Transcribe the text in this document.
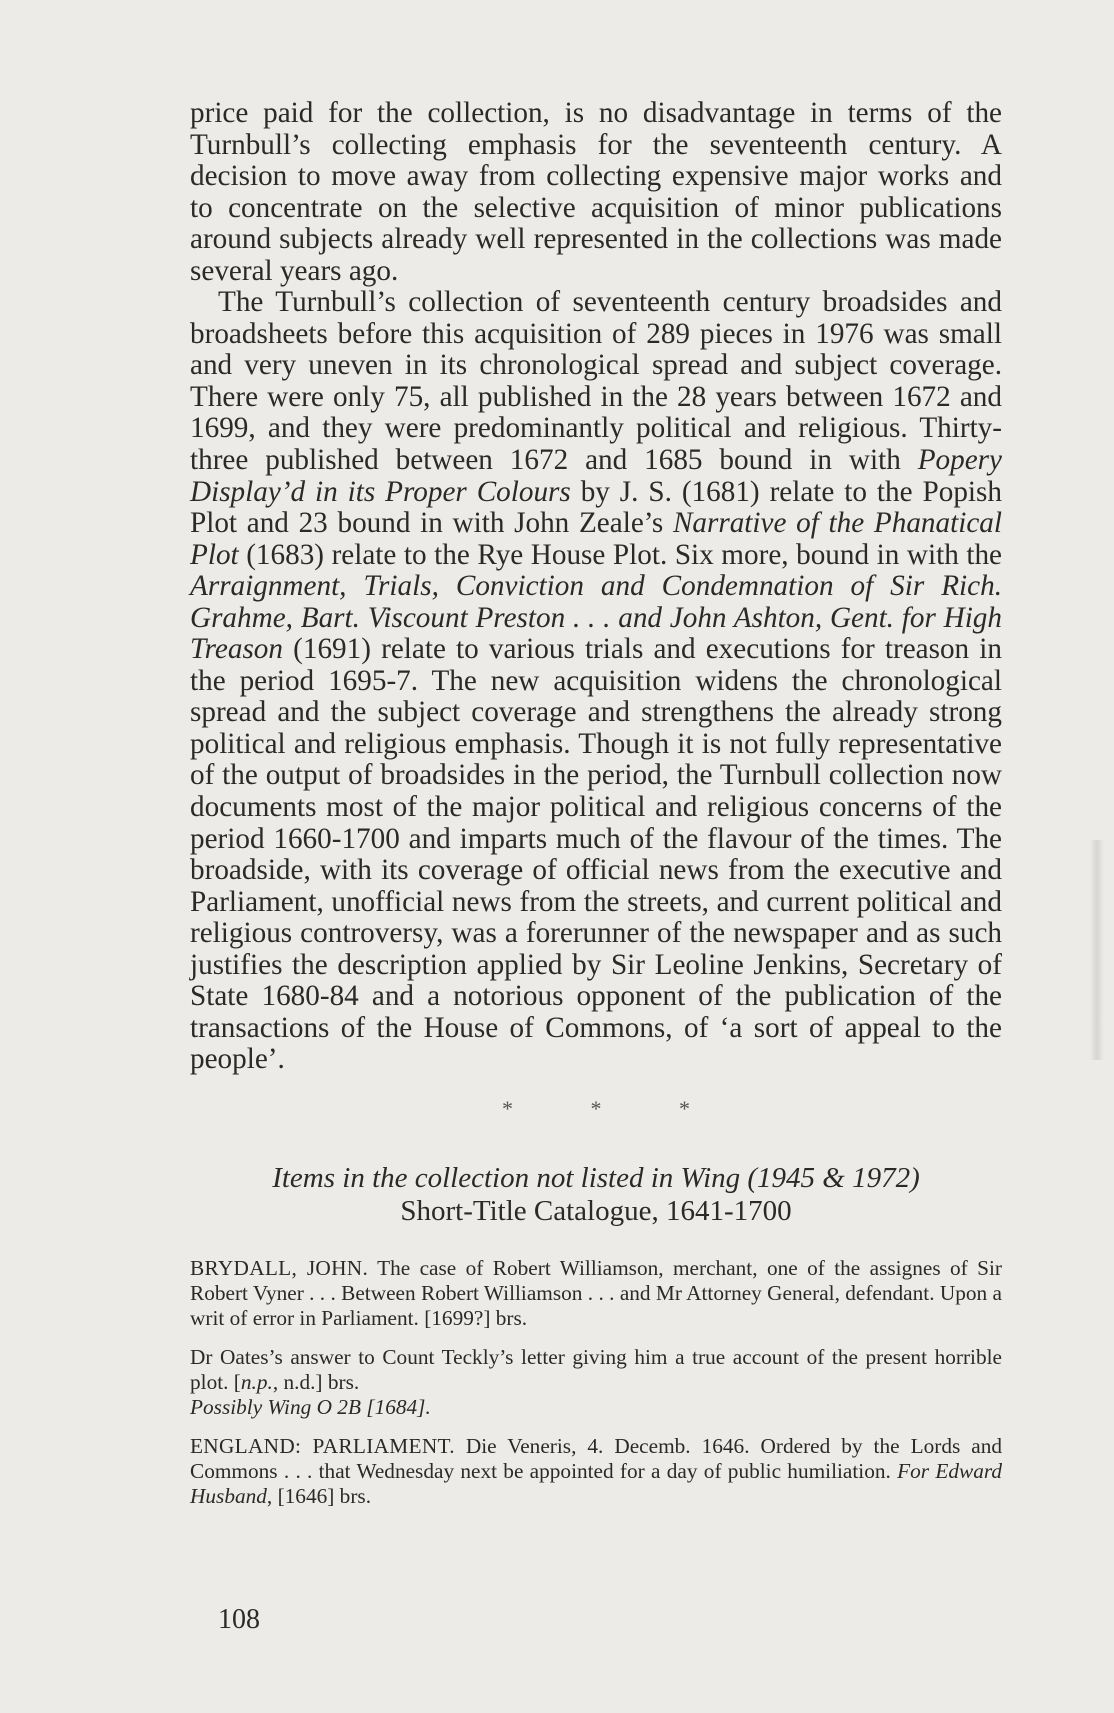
price paid for the collection, is no disadvantage in terms of the Turnbull’s collecting emphasis for the seventeenth century. A decision to move away from collecting expensive major works and to concentrate on the selective acquisition of minor publications around subjects already well represented in the collections was made several years ago.

The Turnbull’s collection of seventeenth century broadsides and broadsheets before this acquisition of 289 pieces in 1976 was small and very uneven in its chronological spread and subject coverage. There were only 75, all published in the 28 years between 1672 and 1699, and they were predominantly political and religious. Thirty-three published between 1672 and 1685 bound in with Popery Display’d in its Proper Colours by J. S. (1681) relate to the Popish Plot and 23 bound in with John Zeale’s Narrative of the Phanatical Plot (1683) relate to the Rye House Plot. Six more, bound in with the Arraignment, Trials, Conviction and Condemnation of Sir Rich. Grahme, Bart. Viscount Preston . . . and John Ashton, Gent. for High Treason (1691) relate to various trials and executions for treason in the period 1695-7. The new acquisition widens the chronological spread and the subject coverage and strengthens the already strong political and religious emphasis. Though it is not fully representative of the output of broadsides in the period, the Turnbull collection now documents most of the major political and religious concerns of the period 1660-1700 and imparts much of the flavour of the times. The broadside, with its coverage of official news from the executive and Parliament, unofficial news from the streets, and current political and religious controversy, was a forerunner of the newspaper and as such justifies the description applied by Sir Leoline Jenkins, Secretary of State 1680-84 and a notorious opponent of the publication of the transactions of the House of Commons, of ‘a sort of appeal to the people’.

* * *
Items in the collection not listed in Wing (1945 & 1972)
Short-Title Catalogue, 1641-1700

BRYDALL, JOHN. The case of Robert Williamson, merchant, one of the assignes of Sir Robert Vyner . . . Between Robert Williamson . . . and Mr Attorney General, defendant. Upon a writ of error in Parliament. [1699?] brs.

Dr Oates’s answer to Count Teckly’s letter giving him a true account of the present horrible plot. [n.p., n.d.] brs.
Possibly Wing O 2B [1684].

ENGLAND: PARLIAMENT. Die Veneris, 4. Decemb. 1646. Ordered by the Lords and Commons . . . that Wednesday next be appointed for a day of public humiliation. For Edward Husband, [1646] brs.

108
